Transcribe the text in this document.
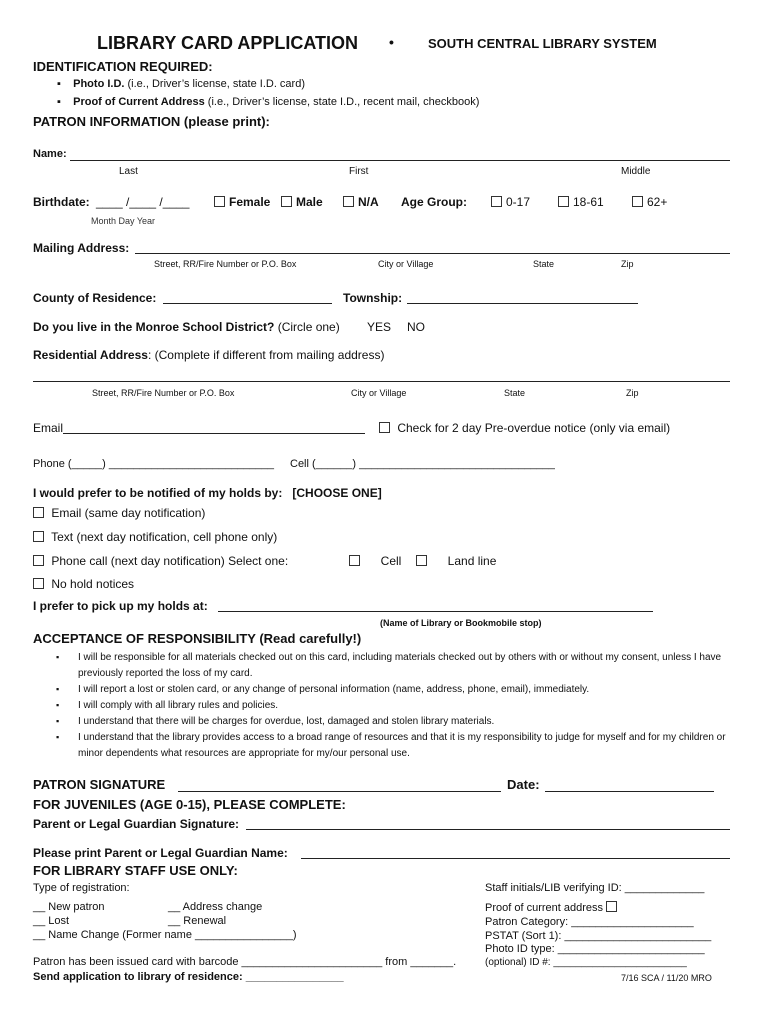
LIBRARY CARD APPLICATION •	SOUTH CENTRAL LIBRARY SYSTEM
IDENTIFICATION REQUIRED:
▪    Photo I.D. (i.e., Driver’s license, state I.D. card)
▪    Proof of Current Address (i.e., Driver’s license, state I.D., recent mail, checkbook)
PATRON INFORMATION (please print):
Name:
Last	First	Middle
Birthdate: ____ /____ /____
Month Day Year
Female	Male	N/A Age Group:	0-17	18-61	62+
Mailing Address:
Street, RR/Fire Number or P.O. Box	City or Village	State	Zip
County of Residence:	Township:
Do you live in the Monroe School District? (Circle one) YES NO
Residential Address: (Complete if different from mailing address)
Street, RR/Fire Number or P.O. Box	City or Village	State	Zip
Email	Check for 2 day Pre-overdue notice (only via email)
Phone (_____) ___________________________ Cell (______) ________________________________
I would prefer to be notified of my holds by: [CHOOSE ONE]
Email (same day notification)
Text (next day notification, cell phone only)
Phone call (next day notification) Select one:	Cell	Land line
No hold notices
I prefer to pick up my holds at:
(Name of Library or Bookmobile stop)
ACCEPTANCE OF RESPONSIBILITY (Read carefully!)
▪ I will be responsible for all materials checked out on this card, including materials checked out by others with or without my consent, unless I have previously reported the loss of my card.
▪ I will report a lost or stolen card, or any change of personal information (name, address, phone, email), immediately.
▪ I will comply with all library rules and policies.
▪ I understand that there will be charges for overdue, lost, damaged and stolen library materials.
▪ I understand that the library provides access to a broad range of resources and that it is my responsibility to judge for myself and for my children or minor dependents what resources are appropriate for my/our personal use.
PATRON SIGNATURE	Date:
FOR JUVENILES (AGE 0-15), PLEASE COMPLETE:
Parent or Legal Guardian Signature:
Please print Parent or Legal Guardian Name:
FOR LIBRARY STAFF USE ONLY:
Type of registration:
__ New patron
__ Lost
__ Name Change (Former name ________________)
__ Address change
__ Renewal
Patron has been issued card with barcode _______________________ from _______.
Send application to library of residence: ________________
Staff initials/LIB verifying ID: _____________
Proof of current address
Patron Category: ____________________
PSTAT (Sort 1): ________________________
Photo ID type: ________________________
(optional) ID #: ________________________
7/16 SCA / 11/20 MRO
